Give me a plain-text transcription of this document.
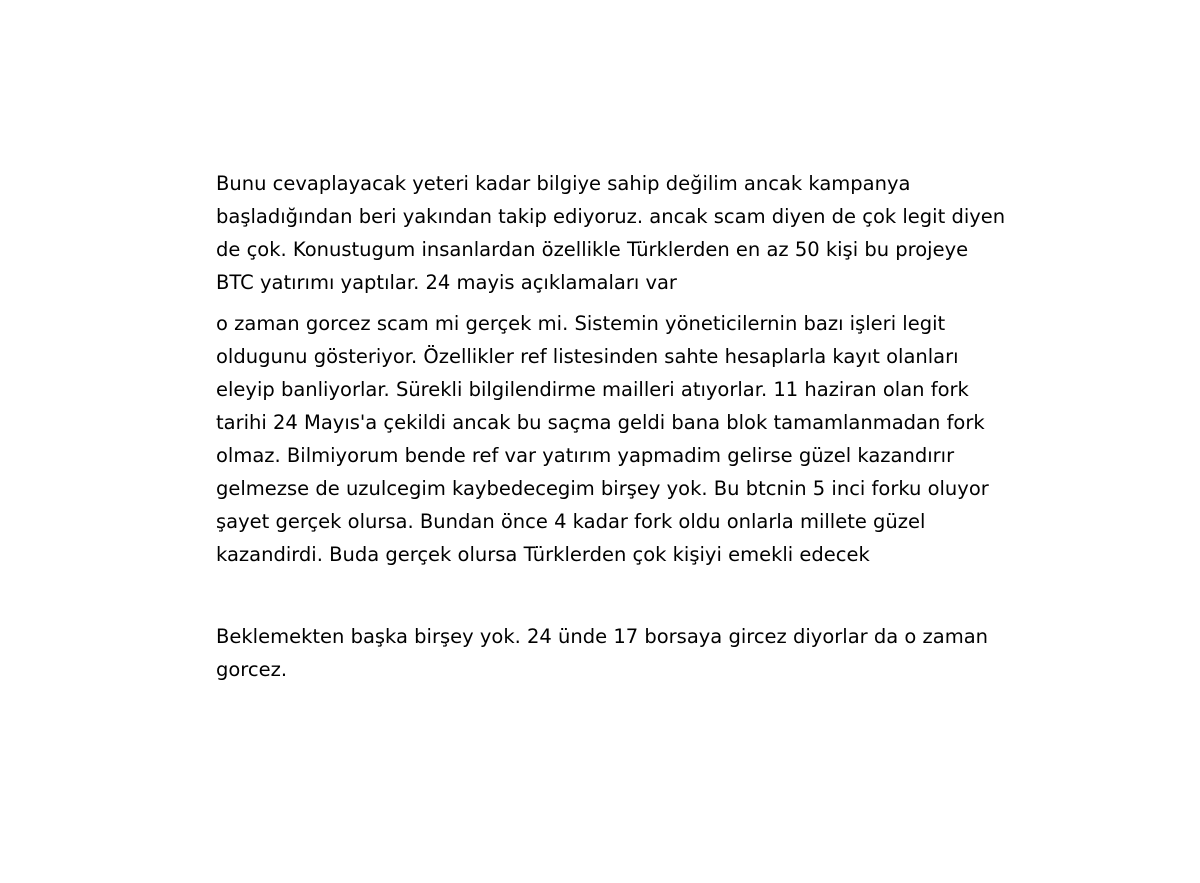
Bunu cevaplayacak yeteri kadar bilgiye sahip değilim ancak kampanya
başladığından beri yakından takip ediyoruz. ancak scam diyen de çok legit diyen
de çok. Konustugum insanlardan özellikle Türklerden en az 50 kişi bu projeye
BTC yatırımı yaptılar. 24 mayis açıklamaları var

o zaman gorcez scam mi gerçek mi. Sistemin yöneticilernin bazı işleri legit
oldugunu gösteriyor. Özellikler ref listesinden sahte hesaplarla kayıt olanları
eleyip banliyorlar. Sürekli bilgilendirme mailleri atıyorlar. 11 haziran olan fork
tarihi 24 Mayıs'a çekildi ancak bu saçma geldi bana blok tamamlanmadan fork
olmaz. Bilmiyorum bende ref var yatırım yapmadim gelirse güzel kazandırır
gelmezse de uzulcegim kaybedecegim birşey yok. Bu btcnin 5 inci forku oluyor
şayet gerçek olursa. Bundan önce 4 kadar fork oldu onlarla millete güzel
kazandirdi. Buda gerçek olursa Türklerden çok kişiyi emekli edecek

Beklemekten başka birşey yok. 24 ünde 17 borsaya gircez diyorlar da o zaman
gorcez.
